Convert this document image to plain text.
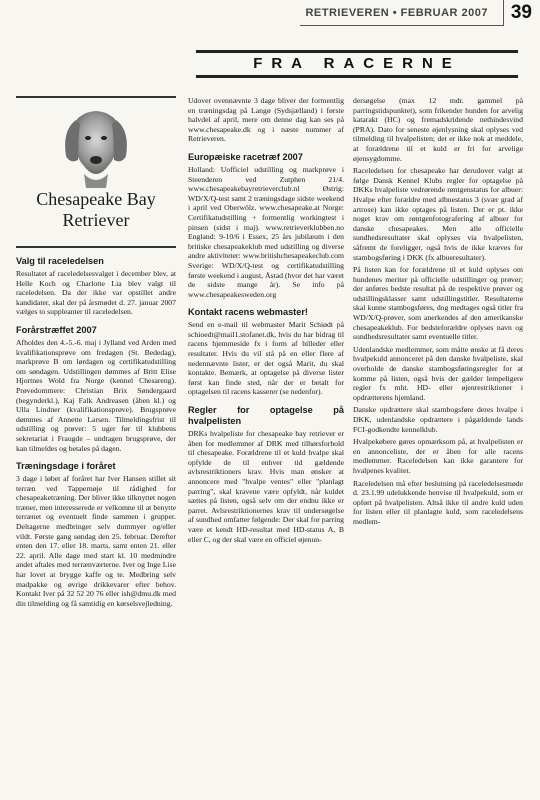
RETRIEVEREN • FEBRUAR 2007 39
FRA RACERNE
Chesapeake Bay
Retriever
Valg til raceledelsen

Resultatet af raceledelsesvalget i december blev, at Helle Koch og Charlotte Lia blev valgt til raceledelsen. Da der ikke var opstillet andre kandidater, skal der på årsmødet d. 27. januar 2007 vælges to suppleanter til raceledelsen.

Forårstræffet 2007

Afholdes den 4.-5.-6. maj i Jylland ved Arden med kvalifikationsprøve om fredagen (St. Bededag), markprøve B om lørdagen og certifikatudstilling om søndagen. Udstillingen dømmes af Britt Elise Hjortnes Wold fra Norge (kennel Chesareng). Prøvedommere: Christian Brix Søndergaard (begynderkl.), Kaj Falk Andreasen (åben kl.) og Ulla Lindner (kvalifikationsprøve). Brugsprøve dømmes af Annette Larsen. Tilmeldingsfrist til udstilling og prøver: 5 uger før til klubbens sekretariat i Fraugde – undtagen brugsprøve, der kan tilmeldes og betales på dagen.

Træningsdage i foråret

3 dage i løbet af foråret har Iver Hansen stillet sit terræn ved Tappernøje til rådighed for chesapeaketræning. Der bliver ikke tilknyttet nogen træner, men interesserede er velkomne til at benytte terrænet og eventuelt finde sammen i grupper. Deltagerne medbringer selv dummyer og/eller vildt. Første gang søndag den 25. februar. Derefter enten den 17. eller 18. marts, samt enten 21. eller 22. april. Alle dage med start kl. 10 medmindre andet aftales med terrænværterne. Iver og Inge Lise har lovet at brygge kaffe og te. Medbring selv madpakke og øvrige drikkevarer efter behov. Kontakt Iver på 32 52 20 76 eller ish@dmu.dk med din tilmelding og få samtidig en kørselsvejledning.

Udover ovennævnte 3 dage bliver der formentlig en træningsdag på Langø (Sydsjælland) i første halvdel af april, mere om denne dag kan ses på www.chesapeake.dk og i næste nummer af Retrieveren.

Europæiske racetræf 2007

Holland: Uofficiel udstilling og markprøve i Steenderen ved Zutphen 21/4. www.chesapeakebayretrieverclub.nl Østrig: WD/X/Q-test samt 2 træningsdage sidste weekend i april ved Oberwölz. www.chesapeake.at Norge: Certifikatudstilling + formentlig workingtest i pinsen (sidst i maj). www.retrieverklubben.no England: 9-10/6 i Essex, 25 års jubilæum i den britiske chesapeakeklub med udstilling og diverse andre aktiviteter: www.britishchesapeakeclub.com Sverige: WD/X/Q-test og certifikatudstilling første weekend i august, Åstad (hvor det har været de sidste mange år). Se info på www.chesapeakesweden.org

Kontakt racens webmaster!

Send en e-mail til webmaster Marit Schiødt på schioedt@mail1.stofanet.dk, hvis du har bidrag til racens hjemmeside fx i form af billeder eller resultater. Hvis du vil stå på en eller flere af nedennævnte lister, er det også Marit, du skal kontakte. Bemærk, at optagelse på diverse lister først kan finde sted, når der er betalt for optagelsen til racens kasserer (se nedenfor).

Regler for optagelse på hvalpelisten

DRKs hvalpeliste for chesapeake bay retriever er åben for medlemmer af DRK med tilhørsforhold til chesapeake. Forældrene til et kuld hvalpe skal opfylde de til enhver tid gældende avlsrestriktioners krav. Hvis man ønsker at annoncere med "hvalpe ventes" eller "planlagt parring", skal kravene være opfyldt, når kuldet sættes på listen, også selv om der endnu ikke er parret. Avlsrestriktionernes krav til undersøgelse af sundhed omfatter følgende: Der skal for parring være et kendt HD-resultat med HD-status A, B eller C, og der skal være en officiel øjenun-

dersøgelse (max 12 mdr. gammel på parringstidspunktet), som frikender hunden for arvelig katarakt (HC) og fremadskridende nethindesvind (PRA). Dato for seneste øjenlysning skal oplyses ved tilmelding til hvalpelisten; det er ikke nok at meddele, at forældrene til et kuld er fri for arvelige øjensygdomme.

Raceledelsen for chesapeake har derudover valgt at følge Dansk Kennel Klubs regler for optagelse på DKKs hvalpeliste vedrørende røntgenstatus for albuer: Hvalpe efter forældre med albuestatus 3 (svær grad af artrose) kan ikke optages på listen. Der er pt. ikke noget krav om røntgenfotografering af albuer for danske chesapeakes. Men alle officielle sundhedsresultater skal oplyses via hvalpelisten, såfremt de foreligger, også hvis de ikke kræves for stambogsføring i DKK (fx albueresultater).

På listen kan for forældrene til et kuld oplyses om hundenes meriter på officielle udstillinger og prøver; der anføres bedste resultat på de respektive prøver og udstillingsklasser samt udstillingstitler. Resultaterne skal kunne stambogsføres, dog medtages også titler fra WD/X/Q-prøver, som anerkendes af den amerikanske chesapeakeklub. For bedsteforældre oplyses navn og sundhedsresultater samt eventuelle titler.

Udenlandske medlemmer, som måtte ønske at få deres hvalpekuld annonceret på den danske hvalpeliste, skal overholde de danske stambogsføringsregler for at komme på listen, også hvis der gælder lempeligere regler fx mht. HD- eller øjenrestriktioner i opdrætterens hjemland.

Danske opdrættere skal stambogsføre deres hvalpe i DKK, udenlandske opdrættere i pågældende lands FCI-godkendte kennelklub.

Hvalpekøbere gøres opmærksom på, at hvalpelisten er en annonceliste, der er åben for alle racens medlemmer. Raceledelsen kan ikke garantere for hvalpenes kvalitet.

Raceledelsen må efter beslutning på raceledelsesmøde d. 23.1.99 udelukkende henvise til hvalpekuld, som er opført på hvalpelisten. Altså ikke til andre kuld uden for listen eller til planlagte kuld, som raceledelsens medlem-
